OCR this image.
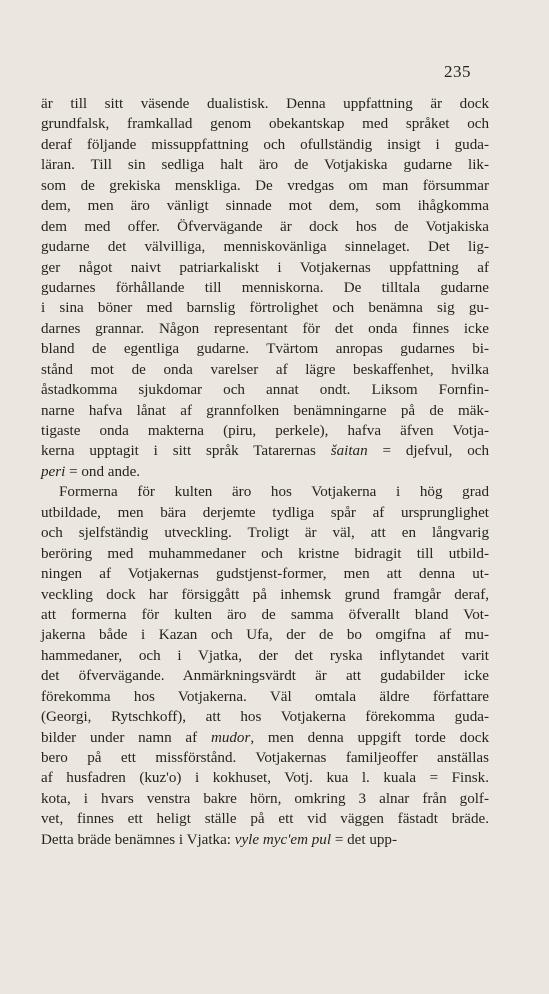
235

är till sitt väsende dualistisk. Denna uppfattning är dock
grundfalsk, framkallad genom obekantskap med språket och
deraf följande missuppfattning och ofullständig insigt i guda-
läran. Till sin sedliga halt äro de Votjakiska gudarne lik-
som de grekiska menskliga. De vredgas om man försummar
dem, men äro vänligt sinnade mot dem, som ihågkomma
dem med offer. Öfvervägande är dock hos de Votjakiska
gudarne det välvilliga, menniskovänliga sinnelaget. Det lig-
ger något naivt patriarkaliskt i Votjakernas uppfattning af
gudarnes förhållande till menniskorna. De tilltala gudarne
i sina böner med barnslig förtrolighet och benämna sig gu-
darnes grannar. Någon representant för det onda finnes icke
bland de egentliga gudarne. Tvärtom anropas gudarnes bi-
stånd mot de onda varelser af lägre beskaffenhet, hvilka
åstadkomma sjukdomar och annat ondt. Liksom Fornfin-
narne hafva lånat af grannfolken benämningarne på de mäk-
tigaste onda makterna (piru, perkele), hafva äfven Votja-
kerna upptagit i sitt språk Tatarernas šaitan = djefvul, och
peri = ond ande.
Formerna för kulten äro hos Votjakerna i hög grad
utbildade, men bära derjemte tydliga spår af ursprunglighet
och sjelfständig utveckling. Troligt är väl, att en långvarig
beröring med muhammedaner och kristne bidragit till utbild-
ningen af Votjakernas gudstjenst-former, men att denna ut-
veckling dock har försiggått på inhemsk grund framgår deraf,
att formerna för kulten äro de samma öfverallt bland Vot-
jakerna både i Kazan och Ufa, der de bo omgifna af mu-
hammedaner, och i Vjatka, der det ryska inflytandet varit
det öfvervägande. Anmärkningsvärdt är att gudabilder icke
förekomma hos Votjakerna. Väl omtala äldre författare
(Georgi, Rytschkoff), att hos Votjakerna förekomma guda-
bilder under namn af mudor, men denna uppgift torde dock
bero på ett missförstånd. Votjakernas familjeoffer anställas
af husfadren (kuz'o) i kokhuset, Votj. kua l. kuala = Finsk.
kota, i hvars venstra bakre hörn, omkring 3 alnar från golf-
vet, finnes ett heligt ställe på ett vid väggen fästadt bräde.
Detta bräde benämnes i Vjatka: vyle myc'em pul = det upp-
